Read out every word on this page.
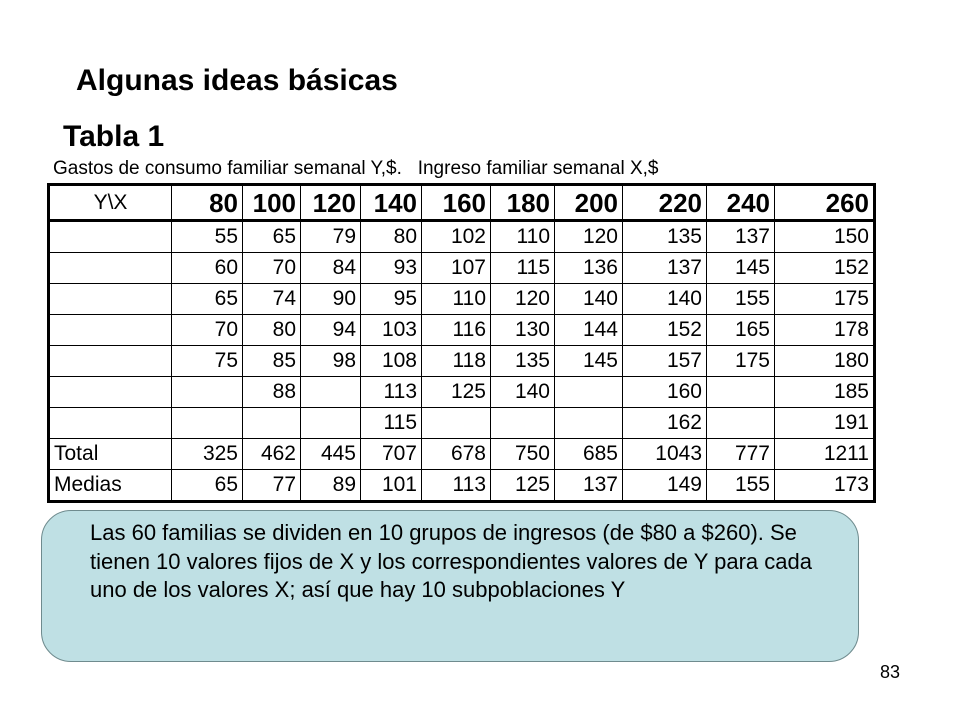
Algunas ideas básicas
Tabla 1
Gastos de consumo familiar semanal Y,$.   Ingreso familiar semanal X,$
Y\X	80	100	120	140	160	180	200	220	240	260
	55	65	79	80	102	110	120	135	137	150
	60	70	84	93	107	115	136	137	145	152
	65	74	90	95	110	120	140	140	155	175
	70	80	94	103	116	130	144	152	165	178
	75	85	98	108	118	135	145	157	175	180
		88		113	125	140		160		185
				115				162		191
Total	325	462	445	707	678	750	685	1043	777	1211
Medias	65	77	89	101	113	125	137	149	155	173

Las 60 familias se dividen en 10 grupos de ingresos (de $80 a $260). Se tienen 10 valores fijos de X y los correspondientes valores de Y para cada uno de los valores X; así que hay 10 subpoblaciones Y

83
